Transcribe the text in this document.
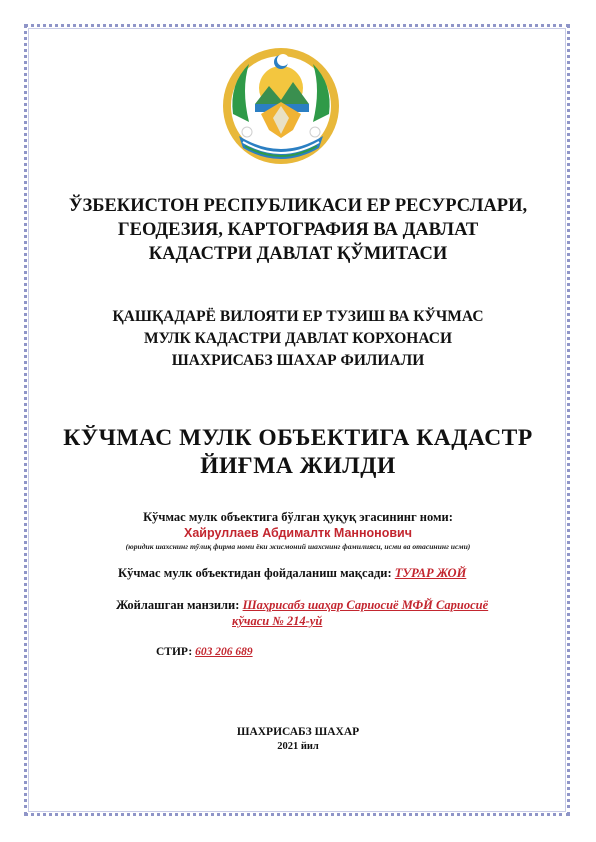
ЎЗБЕКИСТОН РЕСПУБЛИКАСИ ЕР РЕСУРСЛАРИ,
ГЕОДЕЗИЯ, КАРТОГРАФИЯ ВА ДАВЛАТ
КАДАСТРИ ДАВЛАТ ҚЎМИТАСИ
ҚАШҚАДАРЁ ВИЛОЯТИ ЕР ТУЗИШ ВА КЎЧМАС
МУЛК КАДАСТРИ ДАВЛАТ КОРХОНАСИ
ШАХРИСАБЗ ШАХАР ФИЛИАЛИ
КЎЧМАС МУЛК ОБЪЕКТИГА КАДАСТР
ЙИҒМА ЖИЛДИ
Кўчмас мулк объектига бўлган ҳуқуқ эгасининг номи:
Хайруллаев Абдималтк Маннонович
(юридик шахснинг тўлиқ фирма номи ёки жисмоний шахснинг фамилияси, исми ва отасининг исми)
Кўчмас мулк объектидан фойдаланиш мақсади: ТУРАР ЖОЙ
Жойлашган манзили: Шаҳрисабз шаҳар Сариосиё МФЙ Сариосиё
кўчаси № 214-уй
СТИР: 603 206 689
ШАХРИСАБЗ ШАХАР
2021 йил
